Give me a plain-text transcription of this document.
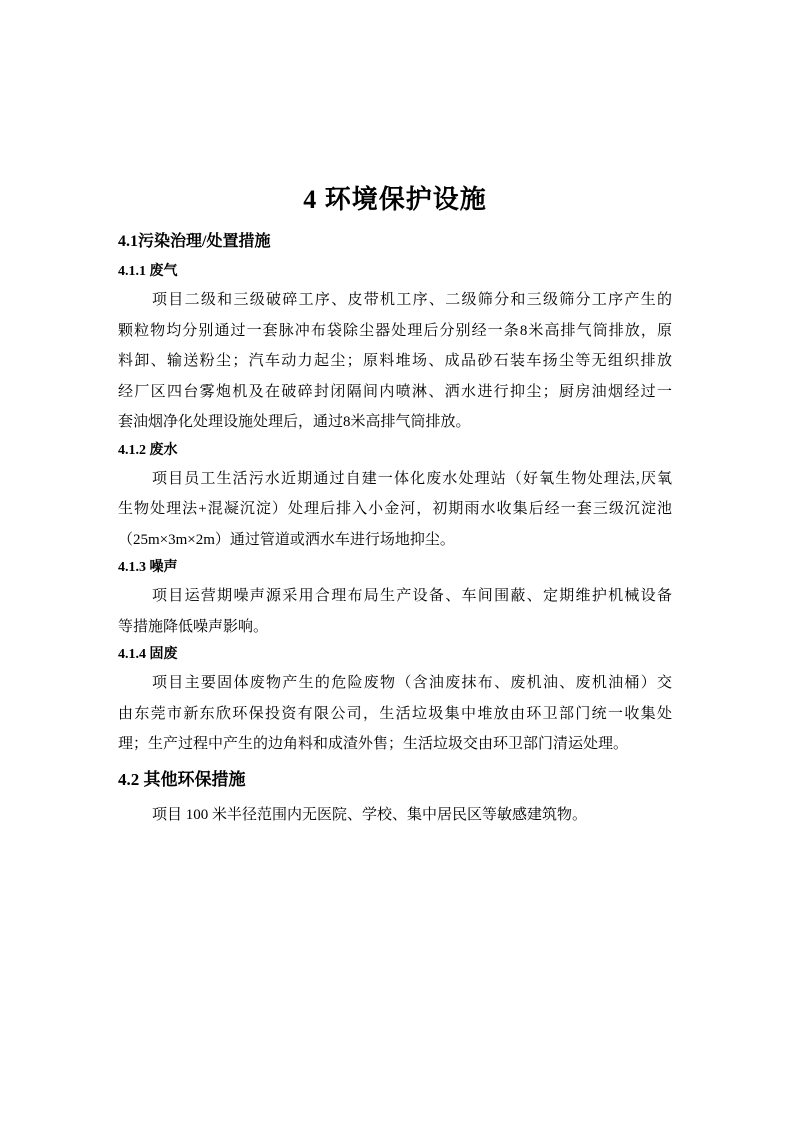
4 环境保护设施
4.1污染治理/处置措施
4.1.1 废气
项目二级和三级破碎工序、皮带机工序、二级筛分和三级筛分工序产生的
颗粒物均分别通过一套脉冲布袋除尘器处理后分别经一条8米高排气筒排放，原
料卸、输送粉尘；汽车动力起尘；原料堆场、成品砂石装车扬尘等无组织排放
经厂区四台雾炮机及在破碎封闭隔间内喷淋、洒水进行抑尘；厨房油烟经过一
套油烟净化处理设施处理后，通过8米高排气筒排放。
4.1.2 废水
项目员工生活污水近期通过自建一体化废水处理站（好氧生物处理法,厌氧
生物处理法+混凝沉淀）处理后排入小金河，初期雨水收集后经一套三级沉淀池
（25m×3m×2m）通过管道或洒水车进行场地抑尘。
4.1.3 噪声
项目运营期噪声源采用合理布局生产设备、车间围蔽、定期维护机械设备
等措施降低噪声影响。
4.1.4 固废
项目主要固体废物产生的危险废物（含油废抹布、废机油、废机油桶）交
由东莞市新东欣环保投资有限公司，生活垃圾集中堆放由环卫部门统一收集处
理；生产过程中产生的边角料和成渣外售；生活垃圾交由环卫部门清运处理。
4.2 其他环保措施
项目 100 米半径范围内无医院、学校、集中居民区等敏感建筑物。
